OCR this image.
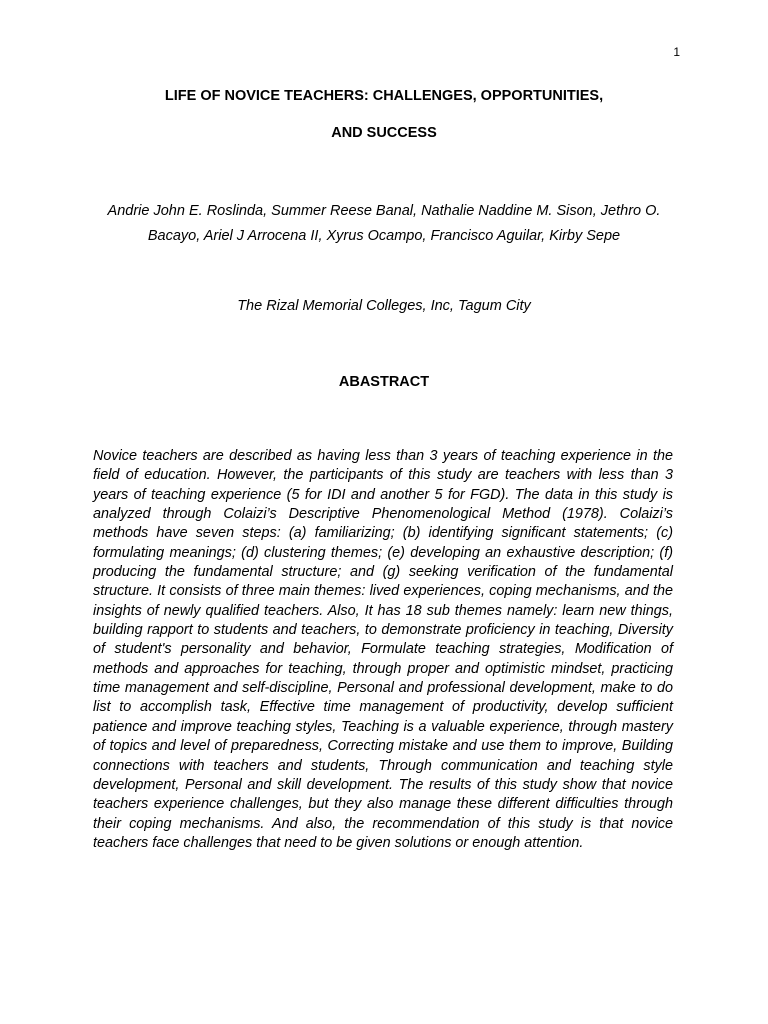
1
LIFE OF NOVICE TEACHERS: CHALLENGES, OPPORTUNITIES,
AND SUCCESS

Andrie John E. Roslinda, Summer Reese Banal, Nathalie Naddine M. Sison, Jethro O. Bacayo, Ariel J Arrocena II, Xyrus Ocampo, Francisco Aguilar, Kirby Sepe

The Rizal Memorial Colleges, Inc, Tagum City

ABASTRACT

Novice teachers are described as having less than 3 years of teaching experience in the field of education. However, the participants of this study are teachers with less than 3 years of teaching experience (5 for IDI and another 5 for FGD). The data in this study is analyzed through Colaizi’s Descriptive Phenomenological Method (1978). Colaizi’s methods have seven steps: (a) familiarizing; (b) identifying significant statements; (c) formulating meanings; (d) clustering themes; (e) developing an exhaustive description; (f) producing the fundamental structure; and (g) seeking verification of the fundamental structure. It consists of three main themes: lived experiences, coping mechanisms, and the insights of newly qualified teachers. Also, It has 18 sub themes namely: learn new things, building rapport to students and teachers, to demonstrate proficiency in teaching, Diversity of student's personality and behavior, Formulate teaching strategies, Modification of methods and approaches for teaching, through proper and optimistic mindset, practicing time management and self-discipline, Personal and professional development, make to do list to accomplish task, Effective time management of productivity, develop sufficient patience and improve teaching styles, Teaching is a valuable experience, through mastery of topics and level of preparedness, Correcting mistake and use them to improve, Building connections with teachers and students, Through communication and teaching style development, Personal and skill development. The results of this study show that novice teachers experience challenges, but they also manage these different difficulties through their coping mechanisms. And also, the recommendation of this study is that novice teachers face challenges that need to be given solutions or enough attention.
